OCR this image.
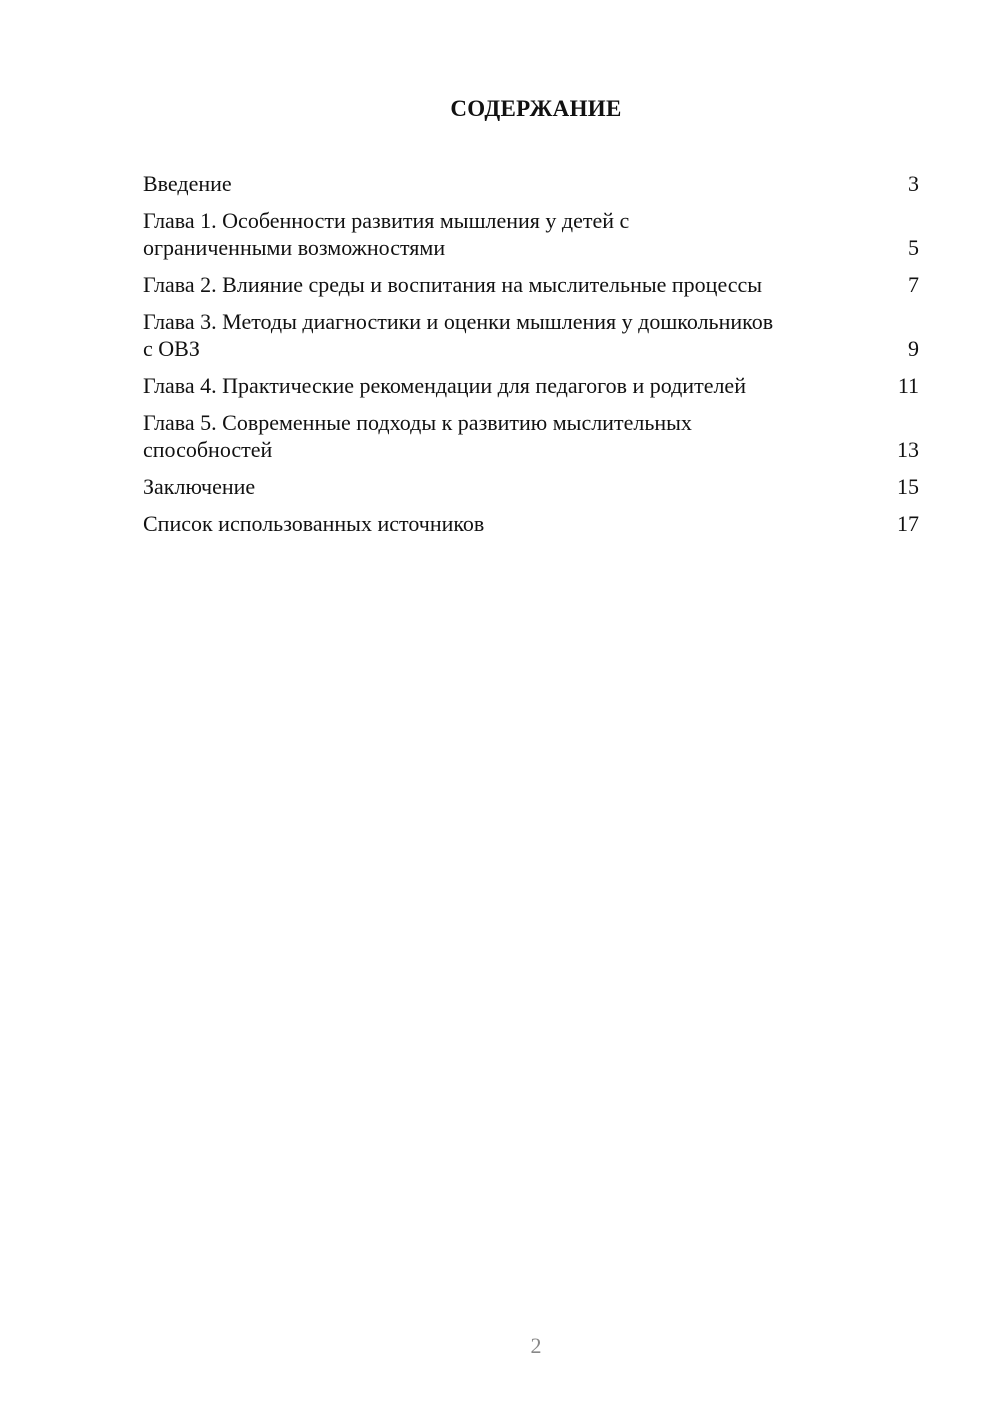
СОДЕРЖАНИЕ
Введение	3
Глава 1. Особенности развития мышления у детей с ограниченными возможностями	5
Глава 2. Влияние среды и воспитания на мыслительные процессы	7
Глава 3. Методы диагностики и оценки мышления у дошкольников с ОВЗ	9
Глава 4. Практические рекомендации для педагогов и родителей	11
Глава 5. Современные подходы к развитию мыслительных способностей	13
Заключение	15
Список использованных источников	17
2
